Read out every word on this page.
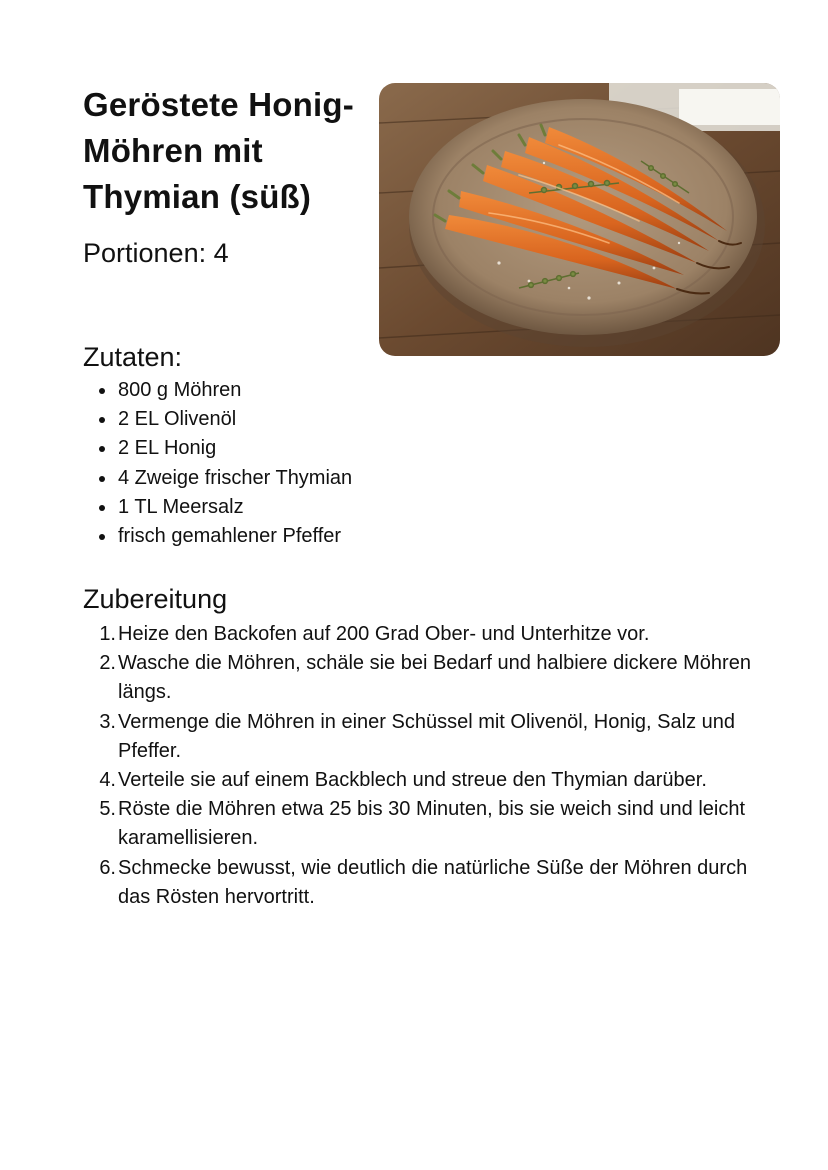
Geröstete Honig-Möhren mit Thymian (süß)

Portionen: 4

Zutaten:
800 g Möhren
2 EL Olivenöl
2 EL Honig
4 Zweige frischer Thymian
1 TL Meersalz
frisch gemahlener Pfeffer
Zubereitung
1. Heize den Backofen auf 200 Grad Ober- und Unterhitze vor.
2. Wasche die Möhren, schäle sie bei Bedarf und halbiere dickere Möhren längs.
3. Vermenge die Möhren in einer Schüssel mit Olivenöl, Honig, Salz und Pfeffer.
4. Verteile sie auf einem Backblech und streue den Thymian darüber.
5. Röste die Möhren etwa 25 bis 30 Minuten, bis sie weich sind und leicht karamellisieren.
6. Schmecke bewusst, wie deutlich die natürliche Süße der Möhren durch das Rösten hervortritt.
